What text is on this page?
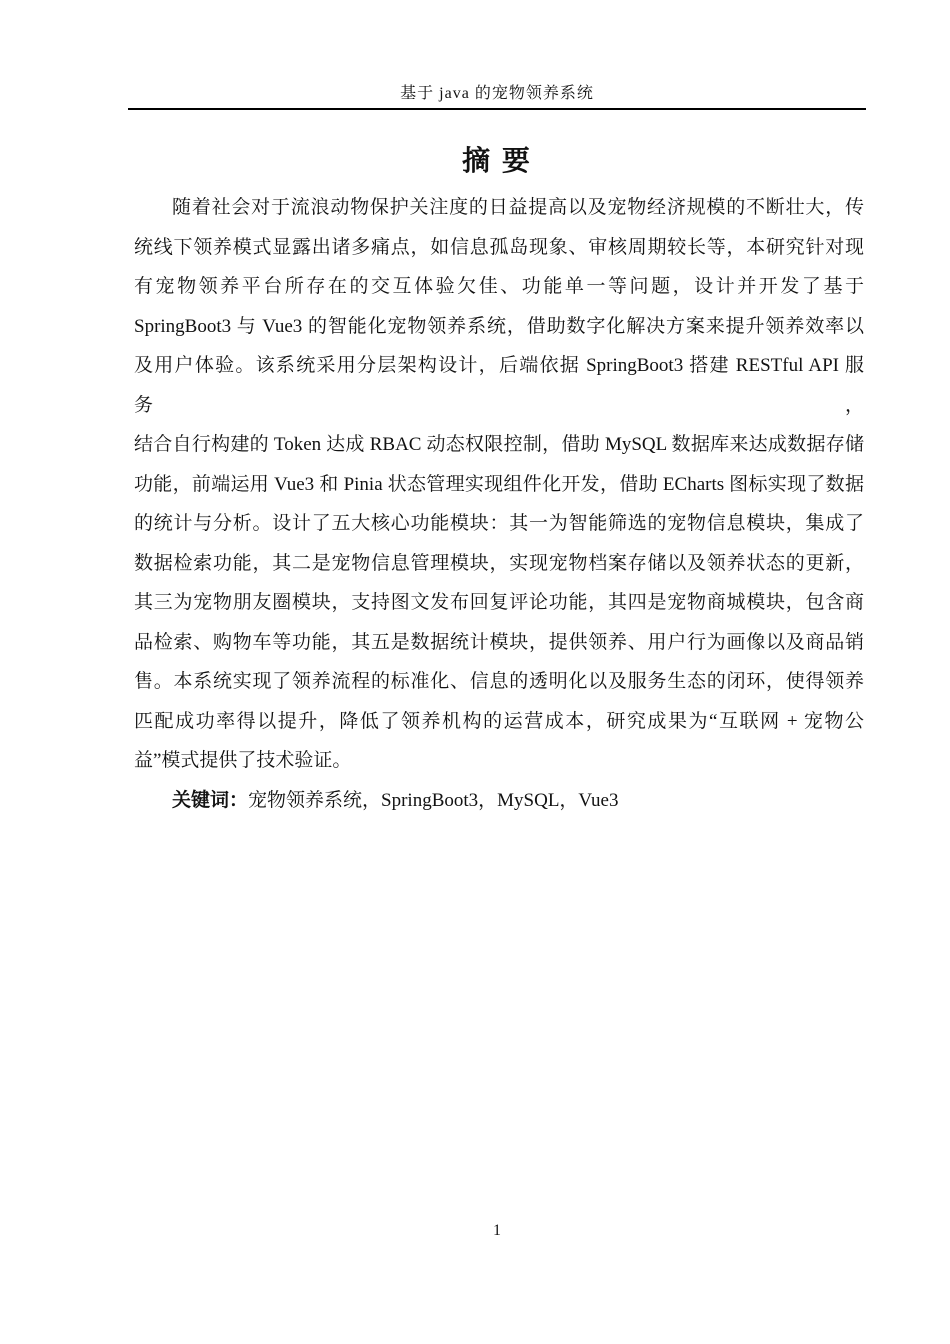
基于 java 的宠物领养系统
摘 要

随着社会对于流浪动物保护关注度的日益提高以及宠物经济规模的不断壮大，传

统线下领养模式显露出诸多痛点，如信息孤岛现象、审核周期较长等，本研究针对现

有宠物领养平台所存在的交互体验欠佳、功能单一等问题，设计并开发了基于

SpringBoot3 与 Vue3 的智能化宠物领养系统，借助数字化解决方案来提升领养效率以

及用户体验。该系统采用分层架构设计，后端依据 SpringBoot3 搭建 RESTful API 服务，

结合自行构建的 Token 达成 RBAC 动态权限控制，借助 MySQL 数据库来达成数据存储

功能，前端运用 Vue3 和 Pinia 状态管理实现组件化开发，借助 ECharts 图标实现了数据

的统计与分析。设计了五大核心功能模块：其一为智能筛选的宠物信息模块，集成了

数据检索功能，其二是宠物信息管理模块，实现宠物档案存储以及领养状态的更新，

其三为宠物朋友圈模块，支持图文发布回复评论功能，其四是宠物商城模块，包含商

品检索、购物车等功能，其五是数据统计模块，提供领养、用户行为画像以及商品销

售。本系统实现了领养流程的标准化、信息的透明化以及服务生态的闭环，使得领养

匹配成功率得以提升，降低了领养机构的运营成本，研究成果为“互联网 + 宠物公

益”模式提供了技术验证。

关键词：宠物领养系统，SpringBoot3，MySQL，Vue3

1
